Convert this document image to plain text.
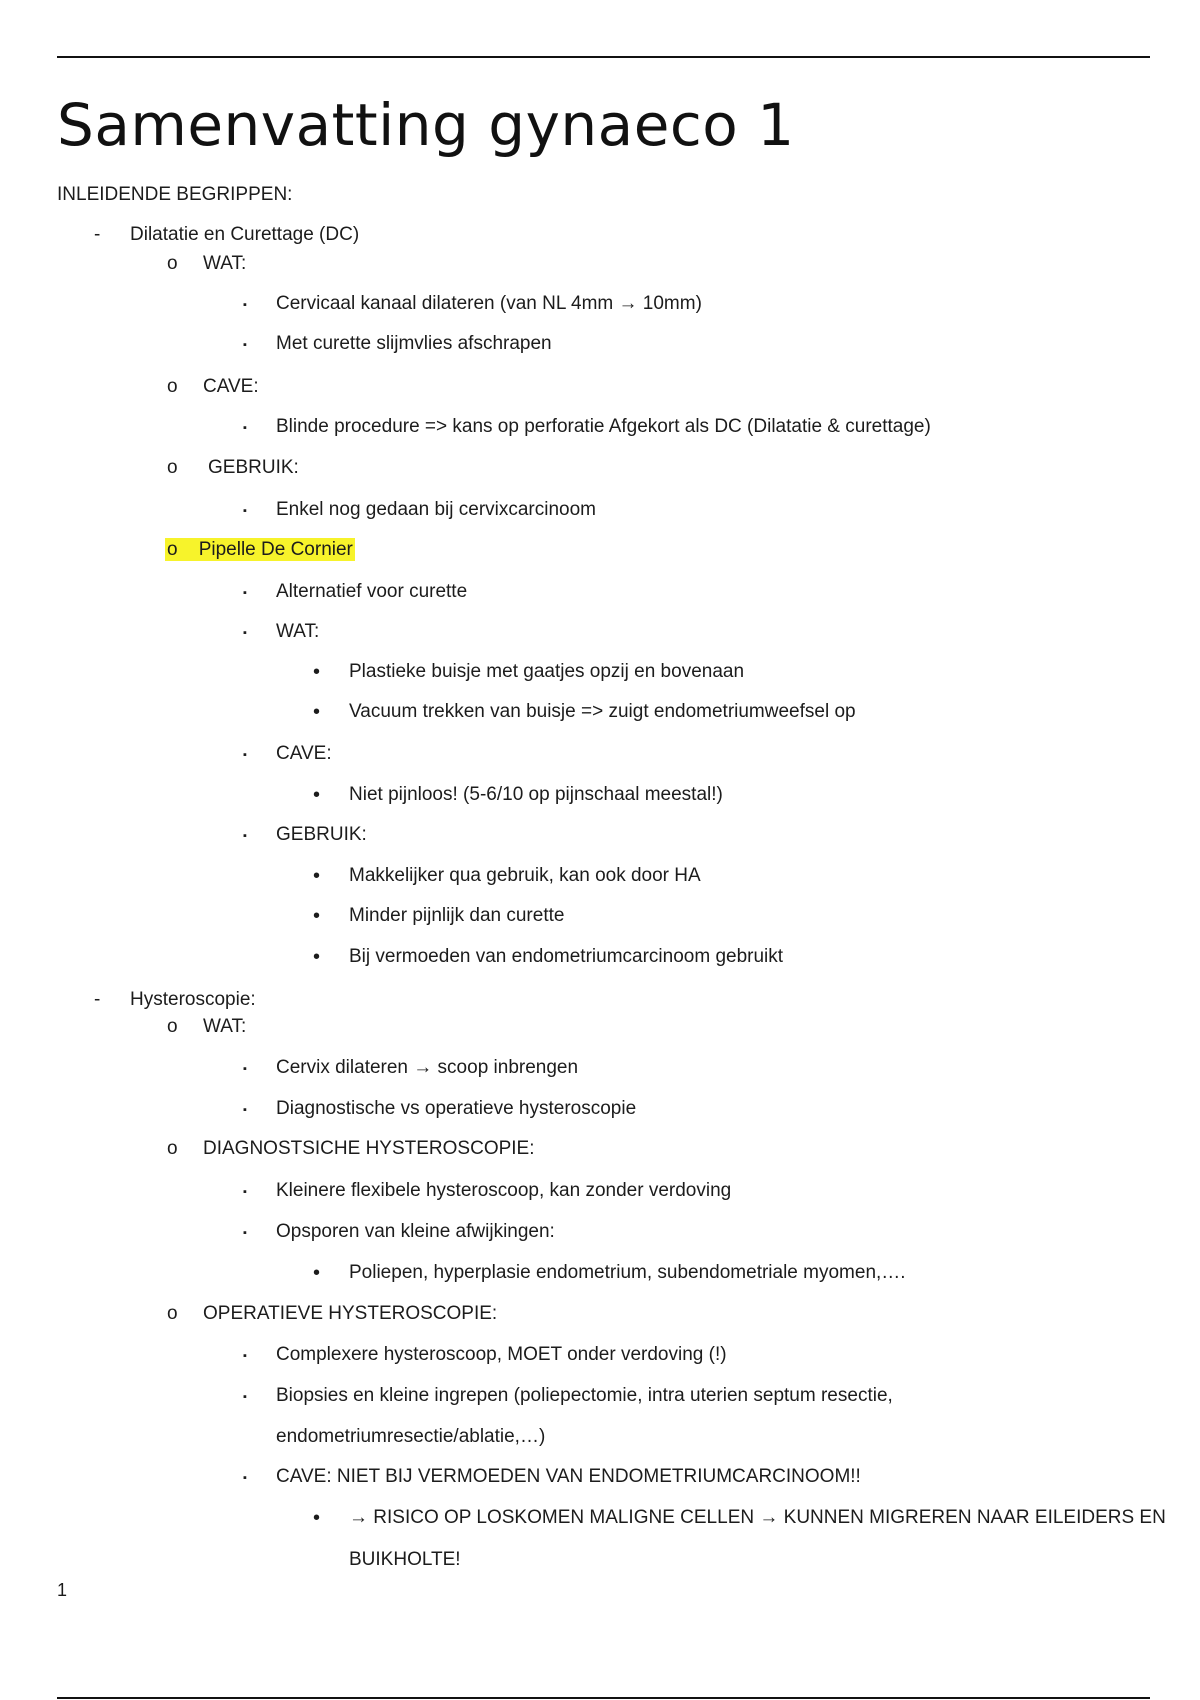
Samenvatting gynaeco 1
INLEIDENDE BEGRIPPEN:
- Dilatatie en Curettage (DC)
o WAT:
▪ Cervicaal kanaal dilateren (van NL 4mm → 10mm)
▪ Met curette slijmvlies afschrapen
o CAVE:
▪ Blinde procedure => kans op perforatie Afgekort als DC (Dilatatie & curettage)
o GEBRUIK:
▪ Enkel nog gedaan bij cervixcarcinoom
o Pipelle De Cornier
▪ Alternatief voor curette
▪ WAT:
• Plastieke buisje met gaatjes opzij en bovenaan
• Vacuum trekken van buisje => zuigt endometriumweefsel op
▪ CAVE:
• Niet pijnloos! (5-6/10 op pijnschaal meestal!)
▪ GEBRUIK:
• Makkelijker qua gebruik, kan ook door HA
• Minder pijnlijk dan curette
• Bij vermoeden van endometriumcarcinoom gebruikt
- Hysteroscopie:
o WAT:
▪ Cervix dilateren → scoop inbrengen
▪ Diagnostische vs operatieve hysteroscopie
o DIAGNOSTSICHE HYSTEROSCOPIE:
▪ Kleinere flexibele hysteroscoop, kan zonder verdoving
▪ Opsporen van kleine afwijkingen:
• Poliepen, hyperplasie endometrium, subendometriale myomen,….
o OPERATIEVE HYSTEROSCOPIE:
▪ Complexere hysteroscoop, MOET onder verdoving (!)
▪ Biopsies en kleine ingrepen (poliepectomie, intra uterien septum resectie,
endometriumresectie/ablatie,…)
▪ CAVE: NIET BIJ VERMOEDEN VAN ENDOMETRIUMCARCINOOM!!
• → RISICO OP LOSKOMEN MALIGNE CELLEN → KUNNEN MIGREREN NAAR EILEIDERS EN
BUIKHOLTE!
1
